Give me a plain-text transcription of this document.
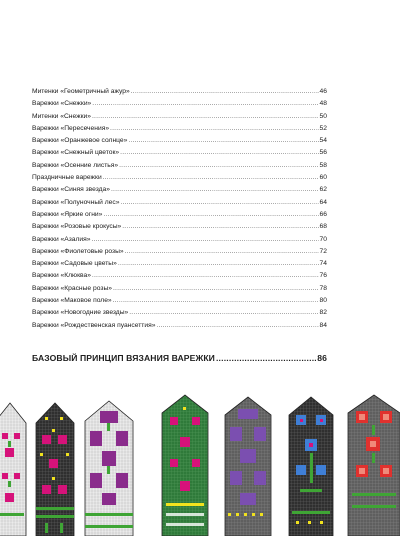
Митенки «Геометричный ажур» .....	46
Варежки «Снежки» .....	48
Митенки «Снежки» .....	50
Варежки «Пересечения» .....	52
Варежки «Оранжевое солнце» .....	54
Варежки «Снежный цветок» .....	56
Варежки «Осенние листья» .....	58
Праздничные варежки .....	60
Варежки «Синяя звезда» .....	62
Варежки «Полуночный лес» .....	64
Варежки «Яркие огни» .....	66
Варежки «Розовые крокусы» .....	68
Варежки «Азалия» .....	70
Варежки «Фиолетовые розы» .....	72
Варежки «Садовые цветы» .....	74
Варежки «Клюква» .....	76
Варежки «Красные розы» .....	78
Варежки «Маковое поле» .....	80
Варежки «Новогодние звезды» .....	82
Варежки «Рождественская пуансеттия» .....	84
БАЗОВЫЙ ПРИНЦИП ВЯЗАНИЯ ВАРЕЖКИ .....	86
